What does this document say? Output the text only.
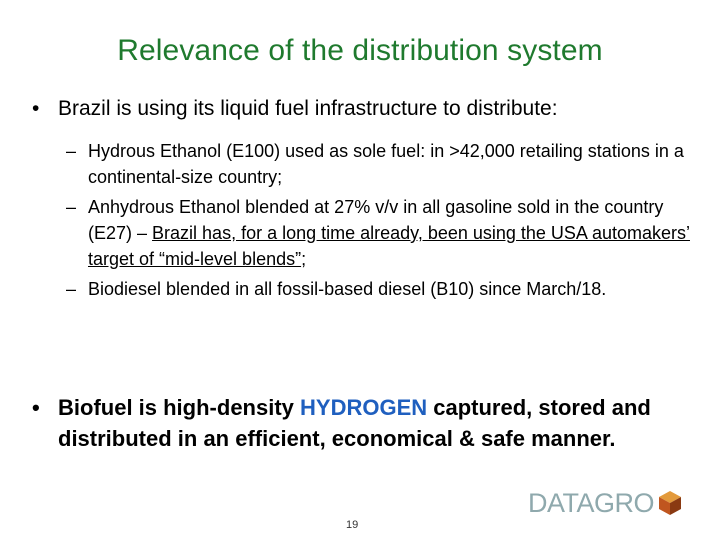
Relevance of the distribution system
• Brazil is using its liquid fuel infrastructure to distribute:
– Hydrous Ethanol (E100) used as sole fuel: in >42,000 retailing stations in a continental-size country;
– Anhydrous Ethanol blended at 27% v/v in all gasoline sold in the country (E27) – Brazil has, for a long time already, been using the USA automakers’ target of “mid-level blends”;
– Biodiesel blended in all fossil-based diesel (B10) since March/18.
• Biofuel is high-density HYDROGEN captured, stored and distributed in an efficient, economical & safe manner.
19
DATAGRO
